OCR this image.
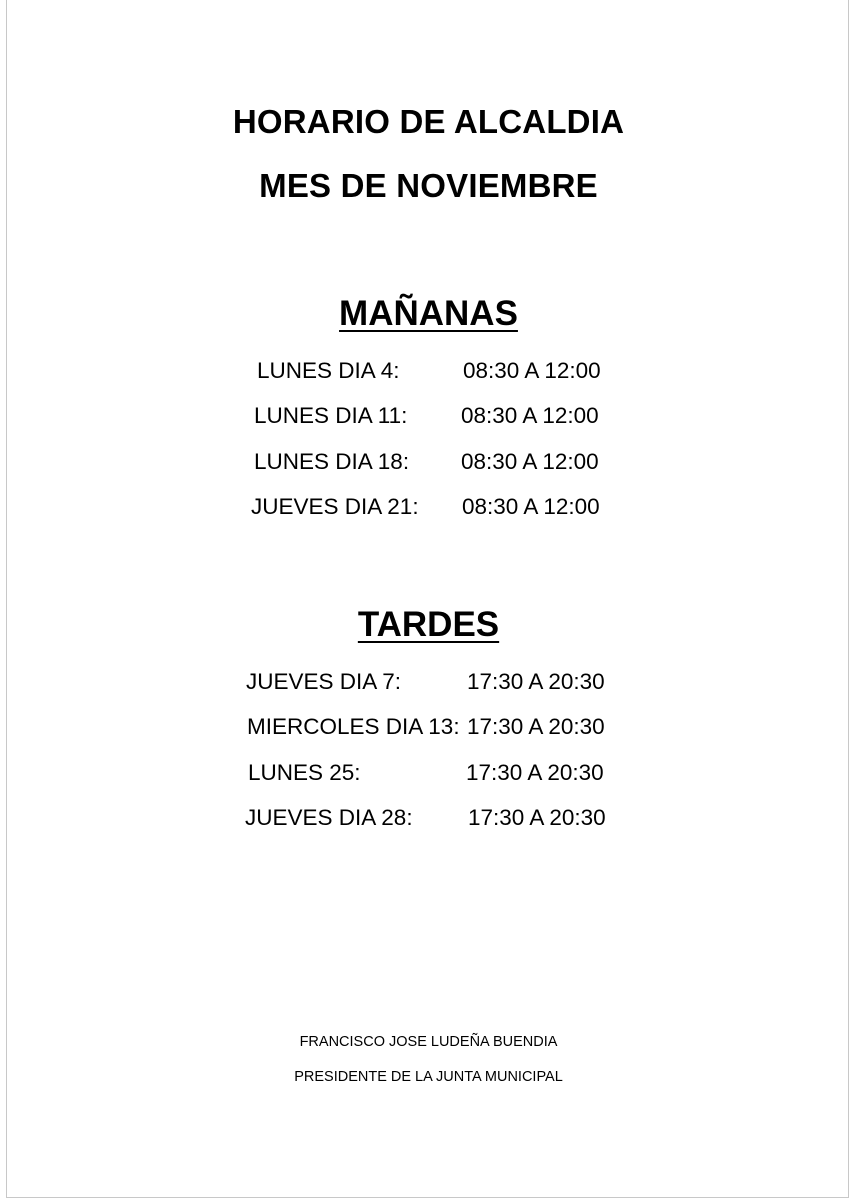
HORARIO DE ALCALDIA
MES DE NOVIEMBRE
MAÑANAS
LUNES DIA 4:	08:30 A 12:00
LUNES DIA 11: 08:30 A 12:00
LUNES DIA 18: 08:30 A 12:00
JUEVES DIA 21: 08:30 A 12:00
TARDES
JUEVES DIA 7:	17:30 A 20:30
MIERCOLES DIA 13: 17:30 A 20:30
LUNES 25:	17:30 A 20:30
JUEVES DIA 28: 17:30 A 20:30
FRANCISCO JOSE LUDEÑA BUENDIA
PRESIDENTE DE LA JUNTA MUNICIPAL
